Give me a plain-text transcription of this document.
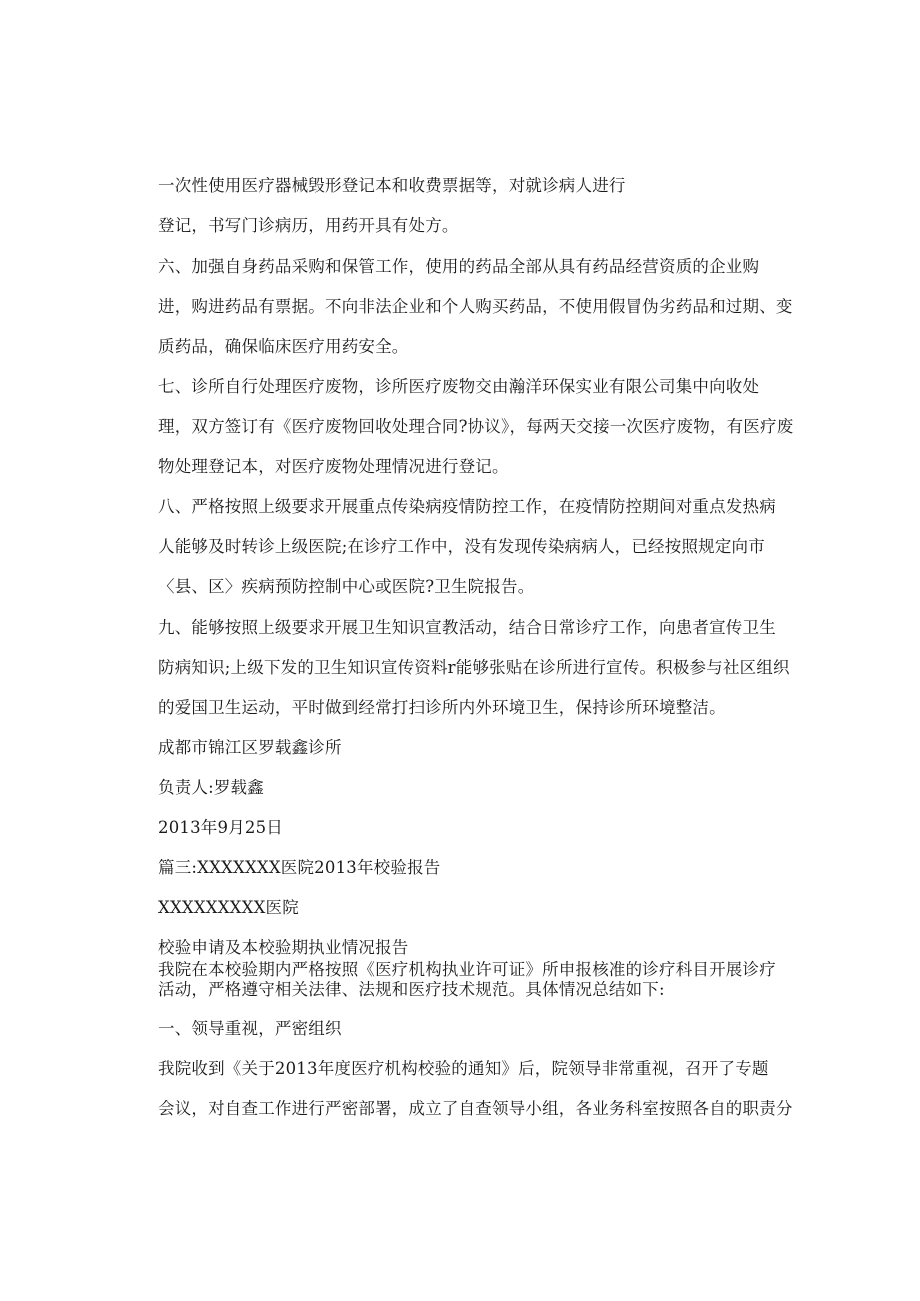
一次性使用医疗器械毁形登记本和收费票据等，对就诊病人进行
登记，书写门诊病历，用药开具有处方。
六、加强自身药品采购和保管工作，使用的药品全部从具有药品经营资质的企业购
进，购进药品有票据。不向非法企业和个人购买药品，不使用假冒伪劣药品和过期、变
质药品，确保临床医疗用药安全。
七、诊所自行处理医疗废物，诊所医疗废物交由瀚洋环保实业有限公司集中向收处
理，双方签订有《医疗废物回收处理合同?协议》，每两天交接一次医疗废物，有医疗废
物处理登记本，对医疗废物处理情况进行登记。
八、严格按照上级要求开展重点传染病疫情防控工作，在疫情防控期间对重点发热病
人能够及时转诊上级医院;在诊疗工作中，没有发现传染病病人，已经按照规定向市
〈县、区〉疾病预防控制中心或医院?卫生院报告。
九、能够按照上级要求开展卫生知识宣教活动，结合日常诊疗工作，向患者宣传卫生
防病知识;上级下发的卫生知识宣传资料r能够张贴在诊所进行宣传。积极参与社区组织
的爱国卫生运动，平时做到经常打扫诊所内外环境卫生，保持诊所环境整洁。
成都市锦江区罗载鑫诊所
负责人:罗载鑫
2013年9月25日
篇三:XXXXXXX医院2013年校验报告
XXXXXXXXX医院
校验申请及本校验期执业情况报告
我院在本校验期内严格按照《医疗机构执业许可证》所申报核准的诊疗科目开展诊疗
活动，严格遵守相关法律、法规和医疗技术规范。具体情况总结如下:
一、领导重视，严密组织
我院收到《关于2013年度医疗机构校验的通知》后，院领导非常重视，召开了专题
会议，对自查工作进行严密部署，成立了自查领导小组，各业务科室按照各自的职责分
